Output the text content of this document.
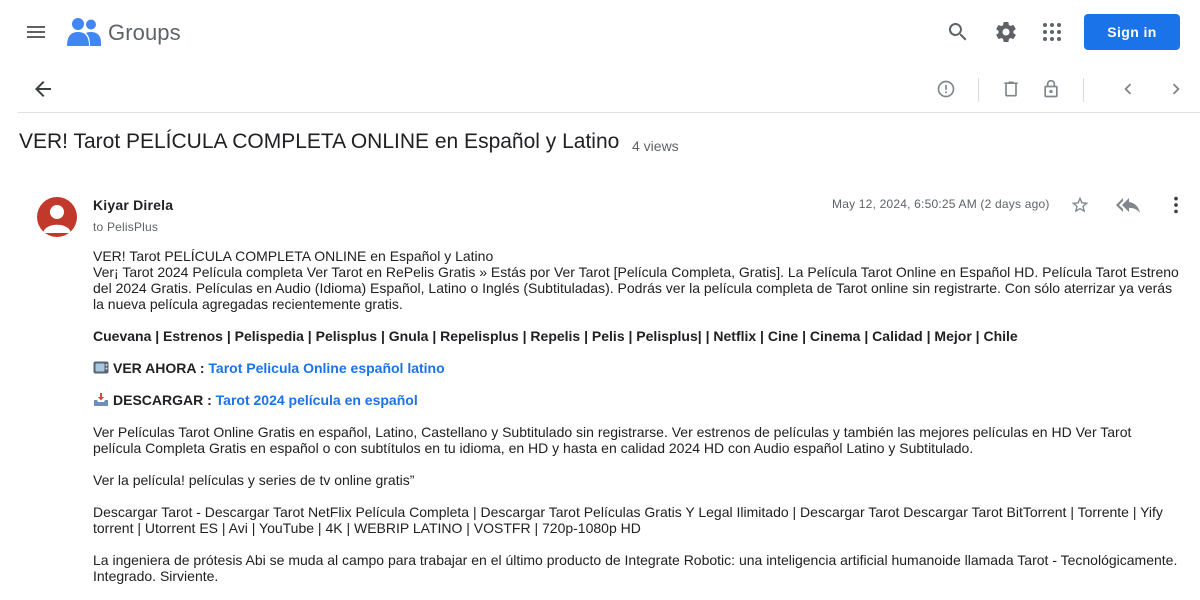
Groups	Sign in
VER! Tarot PELÍCULA COMPLETA ONLINE en Español y Latino 4 views
Kiyar Direla
to PelisPlus
May 12, 2024, 6:50:25 AM (2 days ago)

VER! Tarot PELÍCULA COMPLETA ONLINE en Español y Latino

Ver¡ Tarot 2024 Película completa Ver Tarot en RePelis Gratis » Estás por Ver Tarot [Película Completa, Gratis]. La Película Tarot Online en Español HD. Película Tarot Estreno del 2024 Gratis. Películas en Audio (Idioma) Español, Latino o Inglés (Subtituladas). Podrás ver la película completa de Tarot online sin registrarte. Con sólo aterrizar ya verás la nueva película agregadas recientemente gratis.

Cuevana | Estrenos | Pelispedia | Pelisplus | Gnula | Repelisplus | Repelis | Pelis | Pelisplus| | Netflix | Cine | Cinema | Calidad | Mejor | Chile

VER AHORA : Tarot Pelicula Online español latino

DESCARGAR : Tarot 2024 película en español

Ver Películas Tarot Online Gratis en español, Latino, Castellano y Subtitulado sin registrarse. Ver estrenos de películas y también las mejores películas en HD Ver Tarot película Completa Gratis en español o con subtítulos en tu idioma, en HD y hasta en calidad 2024 HD con Audio español Latino y Subtitulado.

Ver la película! películas y series de tv online gratis”

Descargar Tarot - Descargar Tarot NetFlix Película Completa | Descargar Tarot Películas Gratis Y Legal Ilimitado | Descargar Tarot Descargar Tarot BitTorrent | Torrente | Yify torrent | Utorrent ES | Avi | YouTube | 4K | WEBRIP LATINO | VOSTFR | 720p-1080p HD

La ingeniera de prótesis Abi se muda al campo para trabajar en el último producto de Integrate Robotic: una inteligencia artificial humanoide llamada Tarot - Tecnológicamente. Integrado. Sirviente.
